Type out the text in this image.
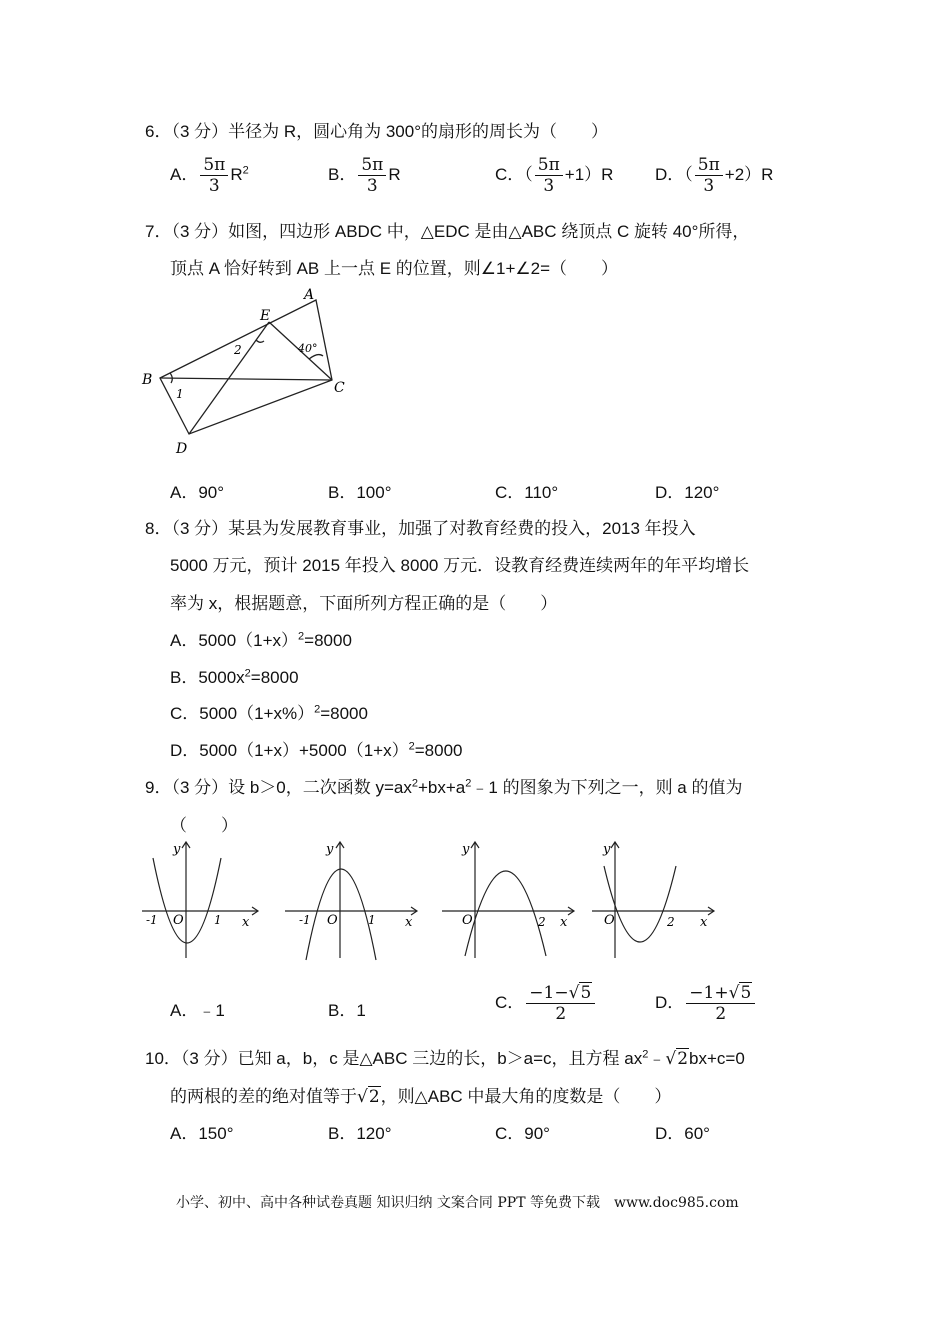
6．（3 分）半径为 R，圆心角为 300°的扇形的周长为（　　）
A． $\frac{5\pi}{3} R^2$	B． $\frac{5\pi}{3}$ R	C．（ $\frac{5\pi}{3} +1)R$ D．（ $\frac{5\pi}{3} +2)R$
7．（3 分）如图，四边形 ABDC 中，△EDC 是由△ABC 绕顶点 C 旋转 40°所得，
顶点 A 恰好转到 AB 上一点 E 的位置，则∠1+∠2=（　　）
A
E
B	C
D
1
2	40°
A．90°	B．100°	C．110°	D．120°
8．（3 分）某县为发展教育事业，加强了对教育经费的投入，2013 年投入
5000 万元，预计 2015 年投入 8000 万元．设教育经费连续两年的年平均增长
率为 x，根据题意，下面所列方程正确的是（　　）
A．$5000(1+x)^2=8000$
B．$5000x^2=8000$
C．$5000(1+x\%)^2=8000$
D．$5000(1+x)+5000(1+x)^2=8000$
9．（3 分）设 b＞0，二次函数 $y=ax^2+bx+a^2﹣1$ 的图象为下列之一，则 a 的值为
（　　）
y
x
O
-1	1
y
x
O
-1	1
y
x
O	2
y
x
O	2
A．﹣1	B．1	C． $\frac{-1-√5}{2}$	D． $\frac{-1+√5}{2}$
10．（3 分）已知 a，b，c 是△ABC 三边的长，b＞a=c，且方程 $ax^2﹣√2bx+c=0$
的两根的差的绝对值等于√2，则△ABC 中最大角的度数是（　　）
A．150°	B．120°	C．90°	D．60°
小学、初中、高中各种试卷真题 知识归纳 文案合同 PPT 等免费下载　www.doc985.com
